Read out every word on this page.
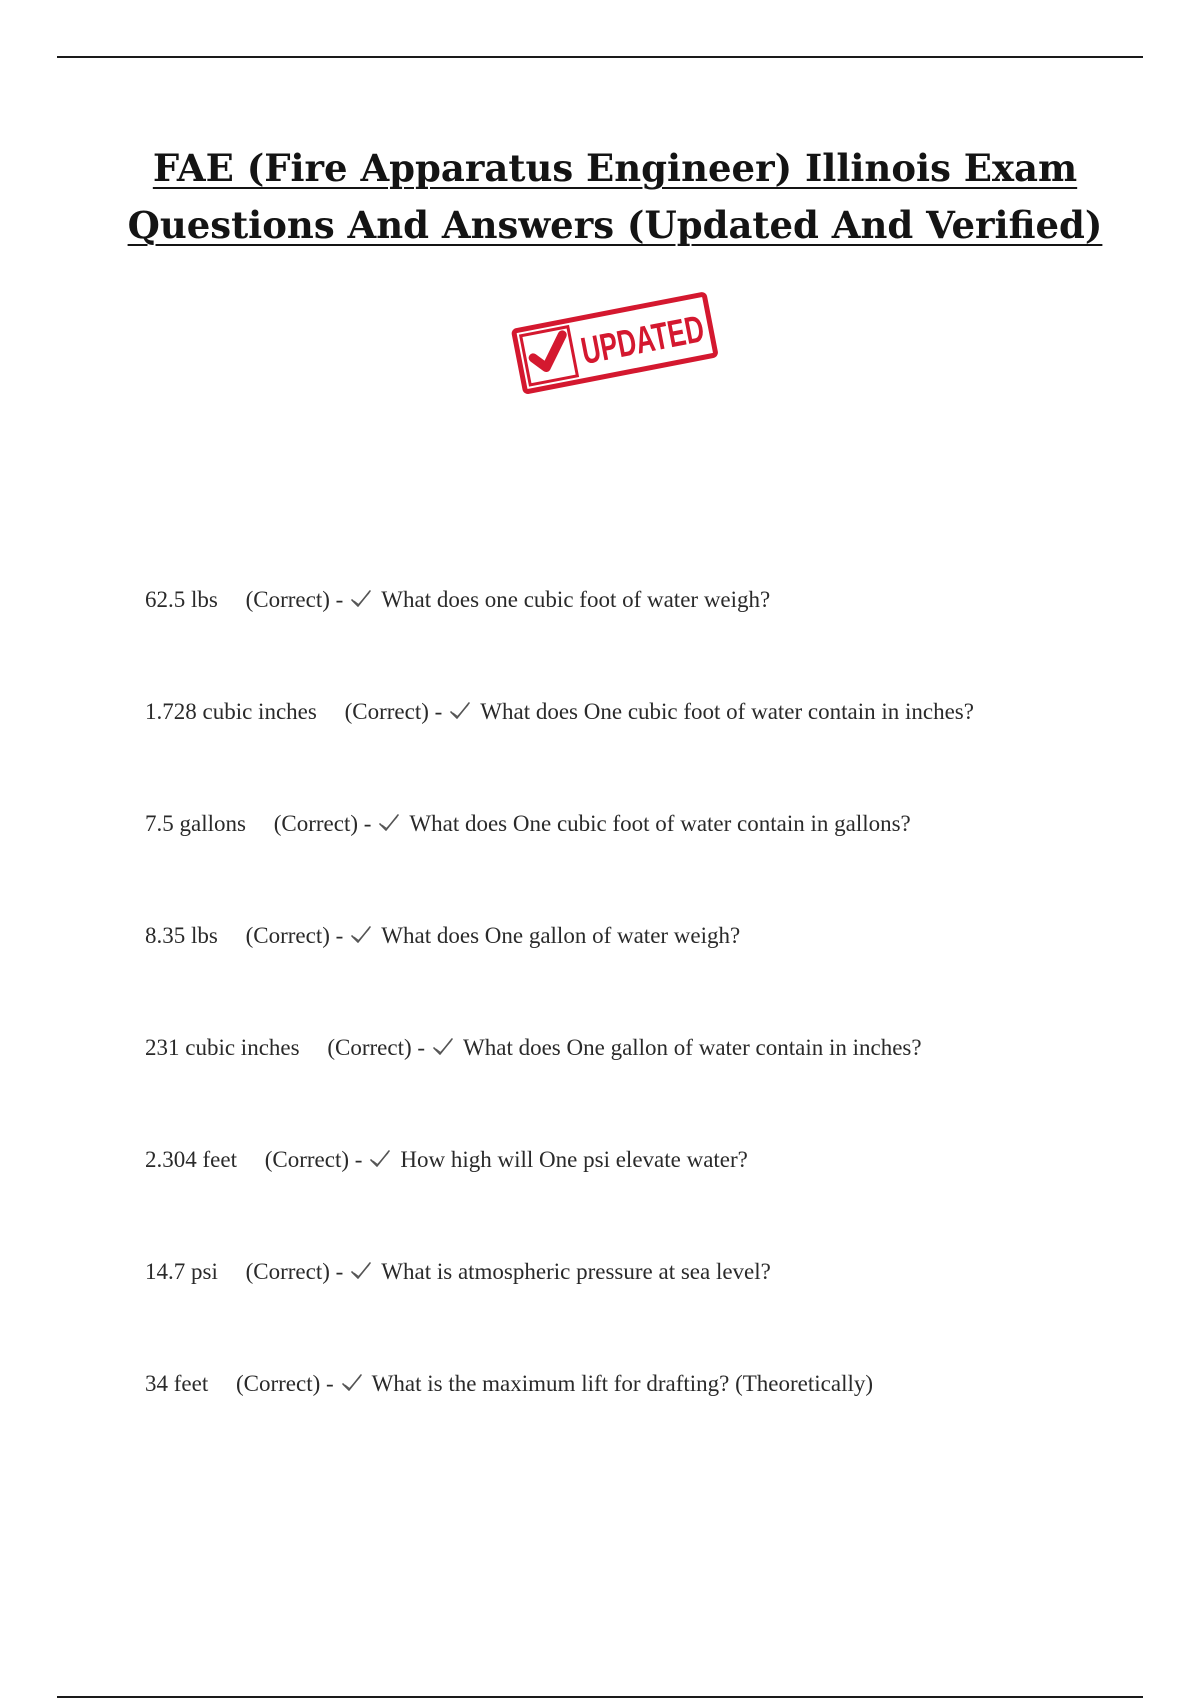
FAE (Fire Apparatus Engineer) Illinois Exam
Questions And Answers (Updated And Verified)
UPDATED
62.5 lbs (Correct) - What does one cubic foot of water weigh?
1.728 cubic inches (Correct) - What does One cubic foot of water contain in inches?
7.5 gallons (Correct) - What does One cubic foot of water contain in gallons?
8.35 lbs (Correct) - What does One gallon of water weigh?
231 cubic inches (Correct) - What does One gallon of water contain in inches?
2.304 feet (Correct) - How high will One psi elevate water?
14.7 psi (Correct) - What is atmospheric pressure at sea level?
34 feet (Correct) - What is the maximum lift for drafting? (Theoretically)
